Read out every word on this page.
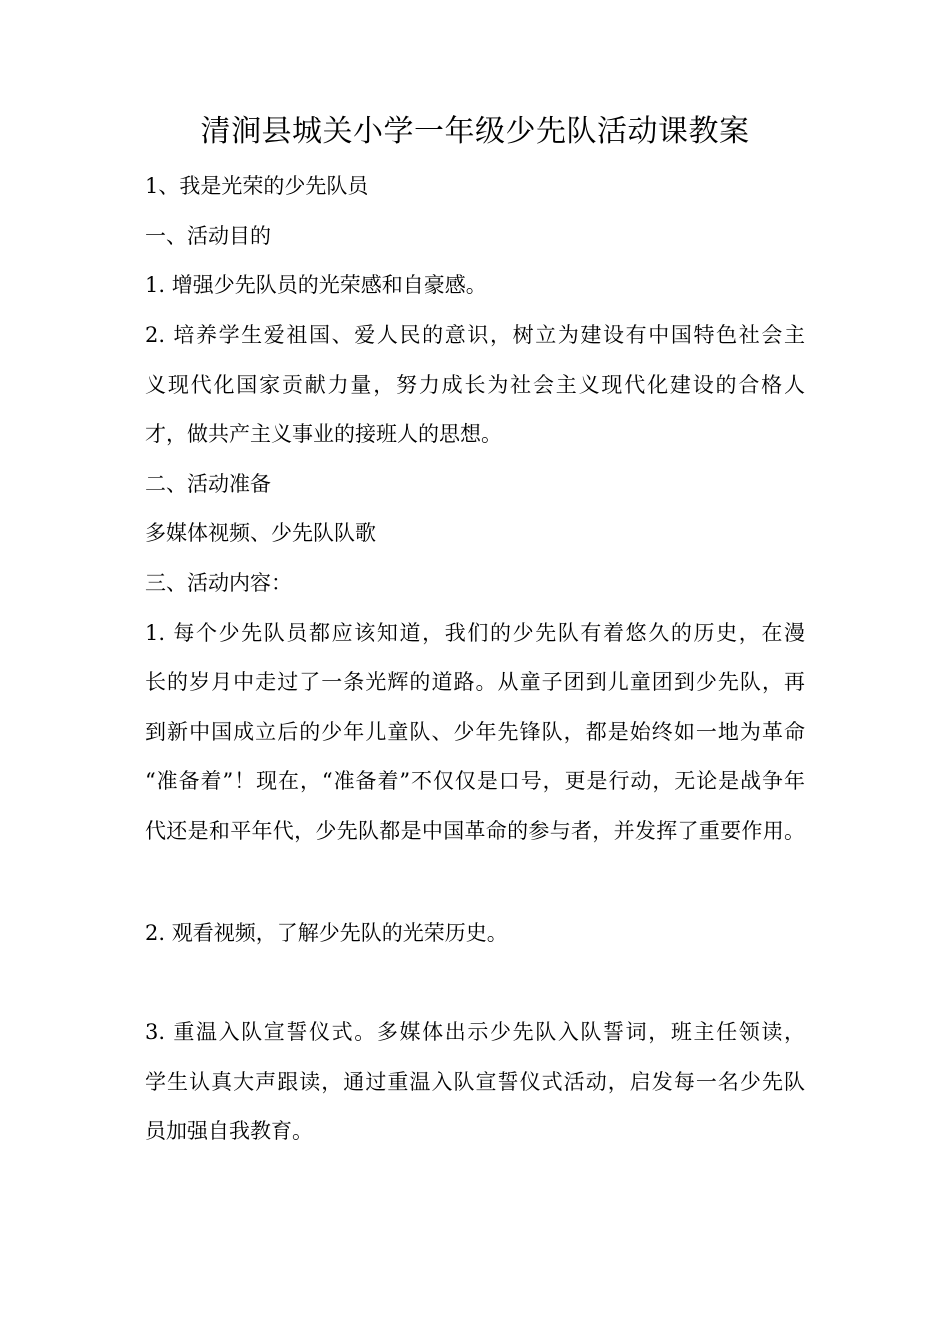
清涧县城关小学一年级少先队活动课教案

1、我是光荣的少先队员

一、活动目的

1. 增强少先队员的光荣感和自豪感。

2. 培养学生爱祖国、爱人民的意识，树立为建设有中国特色社会主

义现代化国家贡献力量，努力成长为社会主义现代化建设的合格人

才，做共产主义事业的接班人的思想。

二、活动准备

多媒体视频、少先队队歌

三、活动内容：

1. 每个少先队员都应该知道，我们的少先队有着悠久的历史，在漫

长的岁月中走过了一条光辉的道路。从童子团到儿童团到少先队，再

到新中国成立后的少年儿童队、少年先锋队，都是始终如一地为革命

“准备着”！现在，“准备着”不仅仅是口号，更是行动，无论是战争年

代还是和平年代，少先队都是中国革命的参与者，并发挥了重要作用。

2. 观看视频，了解少先队的光荣历史。

3. 重温入队宣誓仪式。多媒体出示少先队入队誓词，班主任领读，

学生认真大声跟读，通过重温入队宣誓仪式活动，启发每一名少先队

员加强自我教育。
